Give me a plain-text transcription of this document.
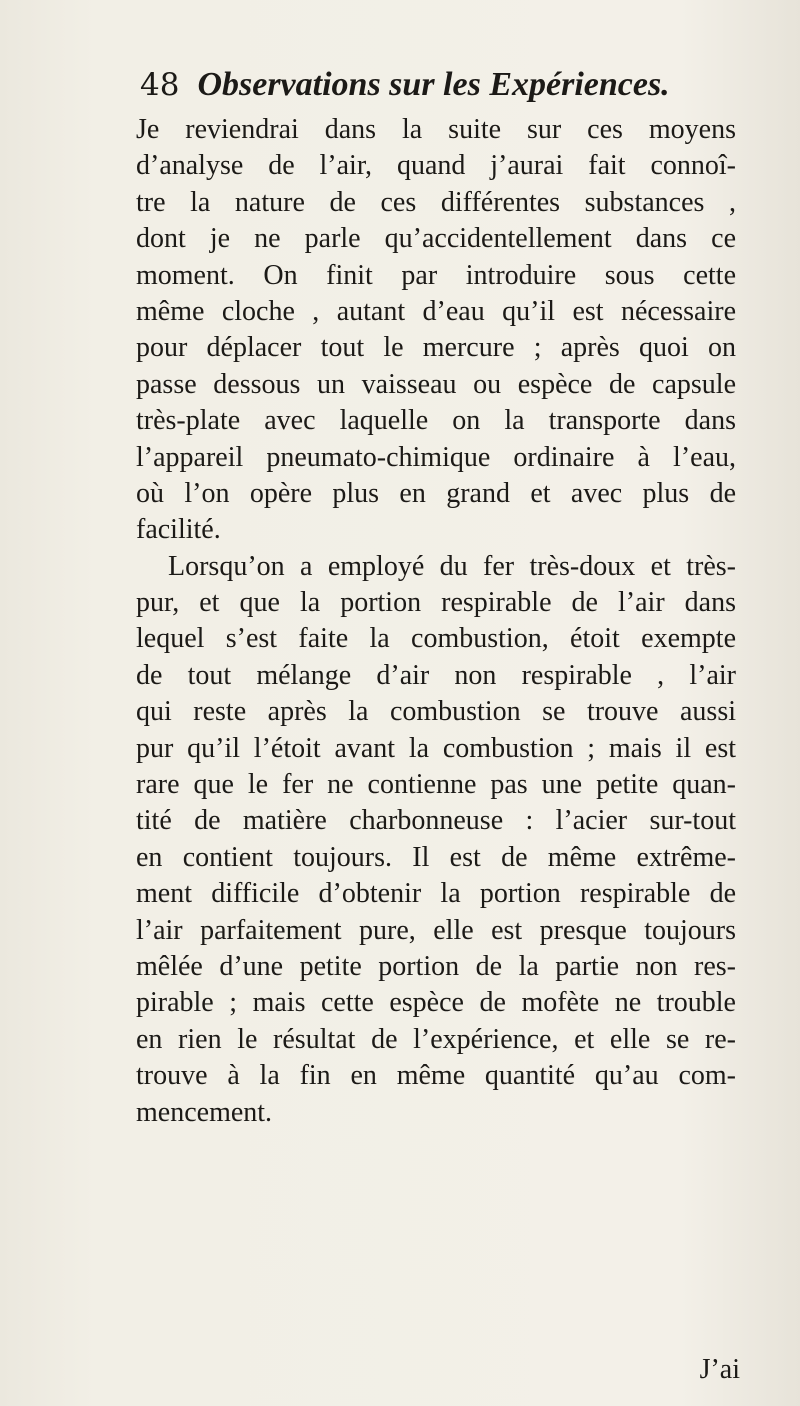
48 Observations sur les Expériences.
Je reviendrai dans la suite sur ces moyens
d’analyse de l’air, quand j’aurai fait connoî-
tre la nature de ces différentes substances ,
dont je ne parle qu’accidentellement dans ce
moment. On finit par introduire sous cette
même cloche , autant d’eau qu’il est nécessaire
pour déplacer tout le mercure ; après quoi on
passe dessous un vaisseau ou espèce de capsule
très-plate avec laquelle on la transporte dans
l’appareil pneumato-chimique ordinaire à l’eau,
où l’on opère plus en grand et avec plus de
facilité.
Lorsqu’on a employé du fer très-doux et très-
pur, et que la portion respirable de l’air dans
lequel s’est faite la combustion, étoit exempte
de tout mélange d’air non respirable , l’air
qui reste après la combustion se trouve aussi
pur qu’il l’étoit avant la combustion ; mais il est
rare que le fer ne contienne pas une petite quan-
tité de matière charbonneuse : l’acier sur-tout
en contient toujours. Il est de même extrême-
ment difficile d’obtenir la portion respirable de
l’air parfaitement pure, elle est presque toujours
mêlée d’une petite portion de la partie non res-
pirable ; mais cette espèce de mofète ne trouble
en rien le résultat de l’expérience, et elle se re-
trouve à la fin en même quantité qu’au com-
mencement.
J’ai
